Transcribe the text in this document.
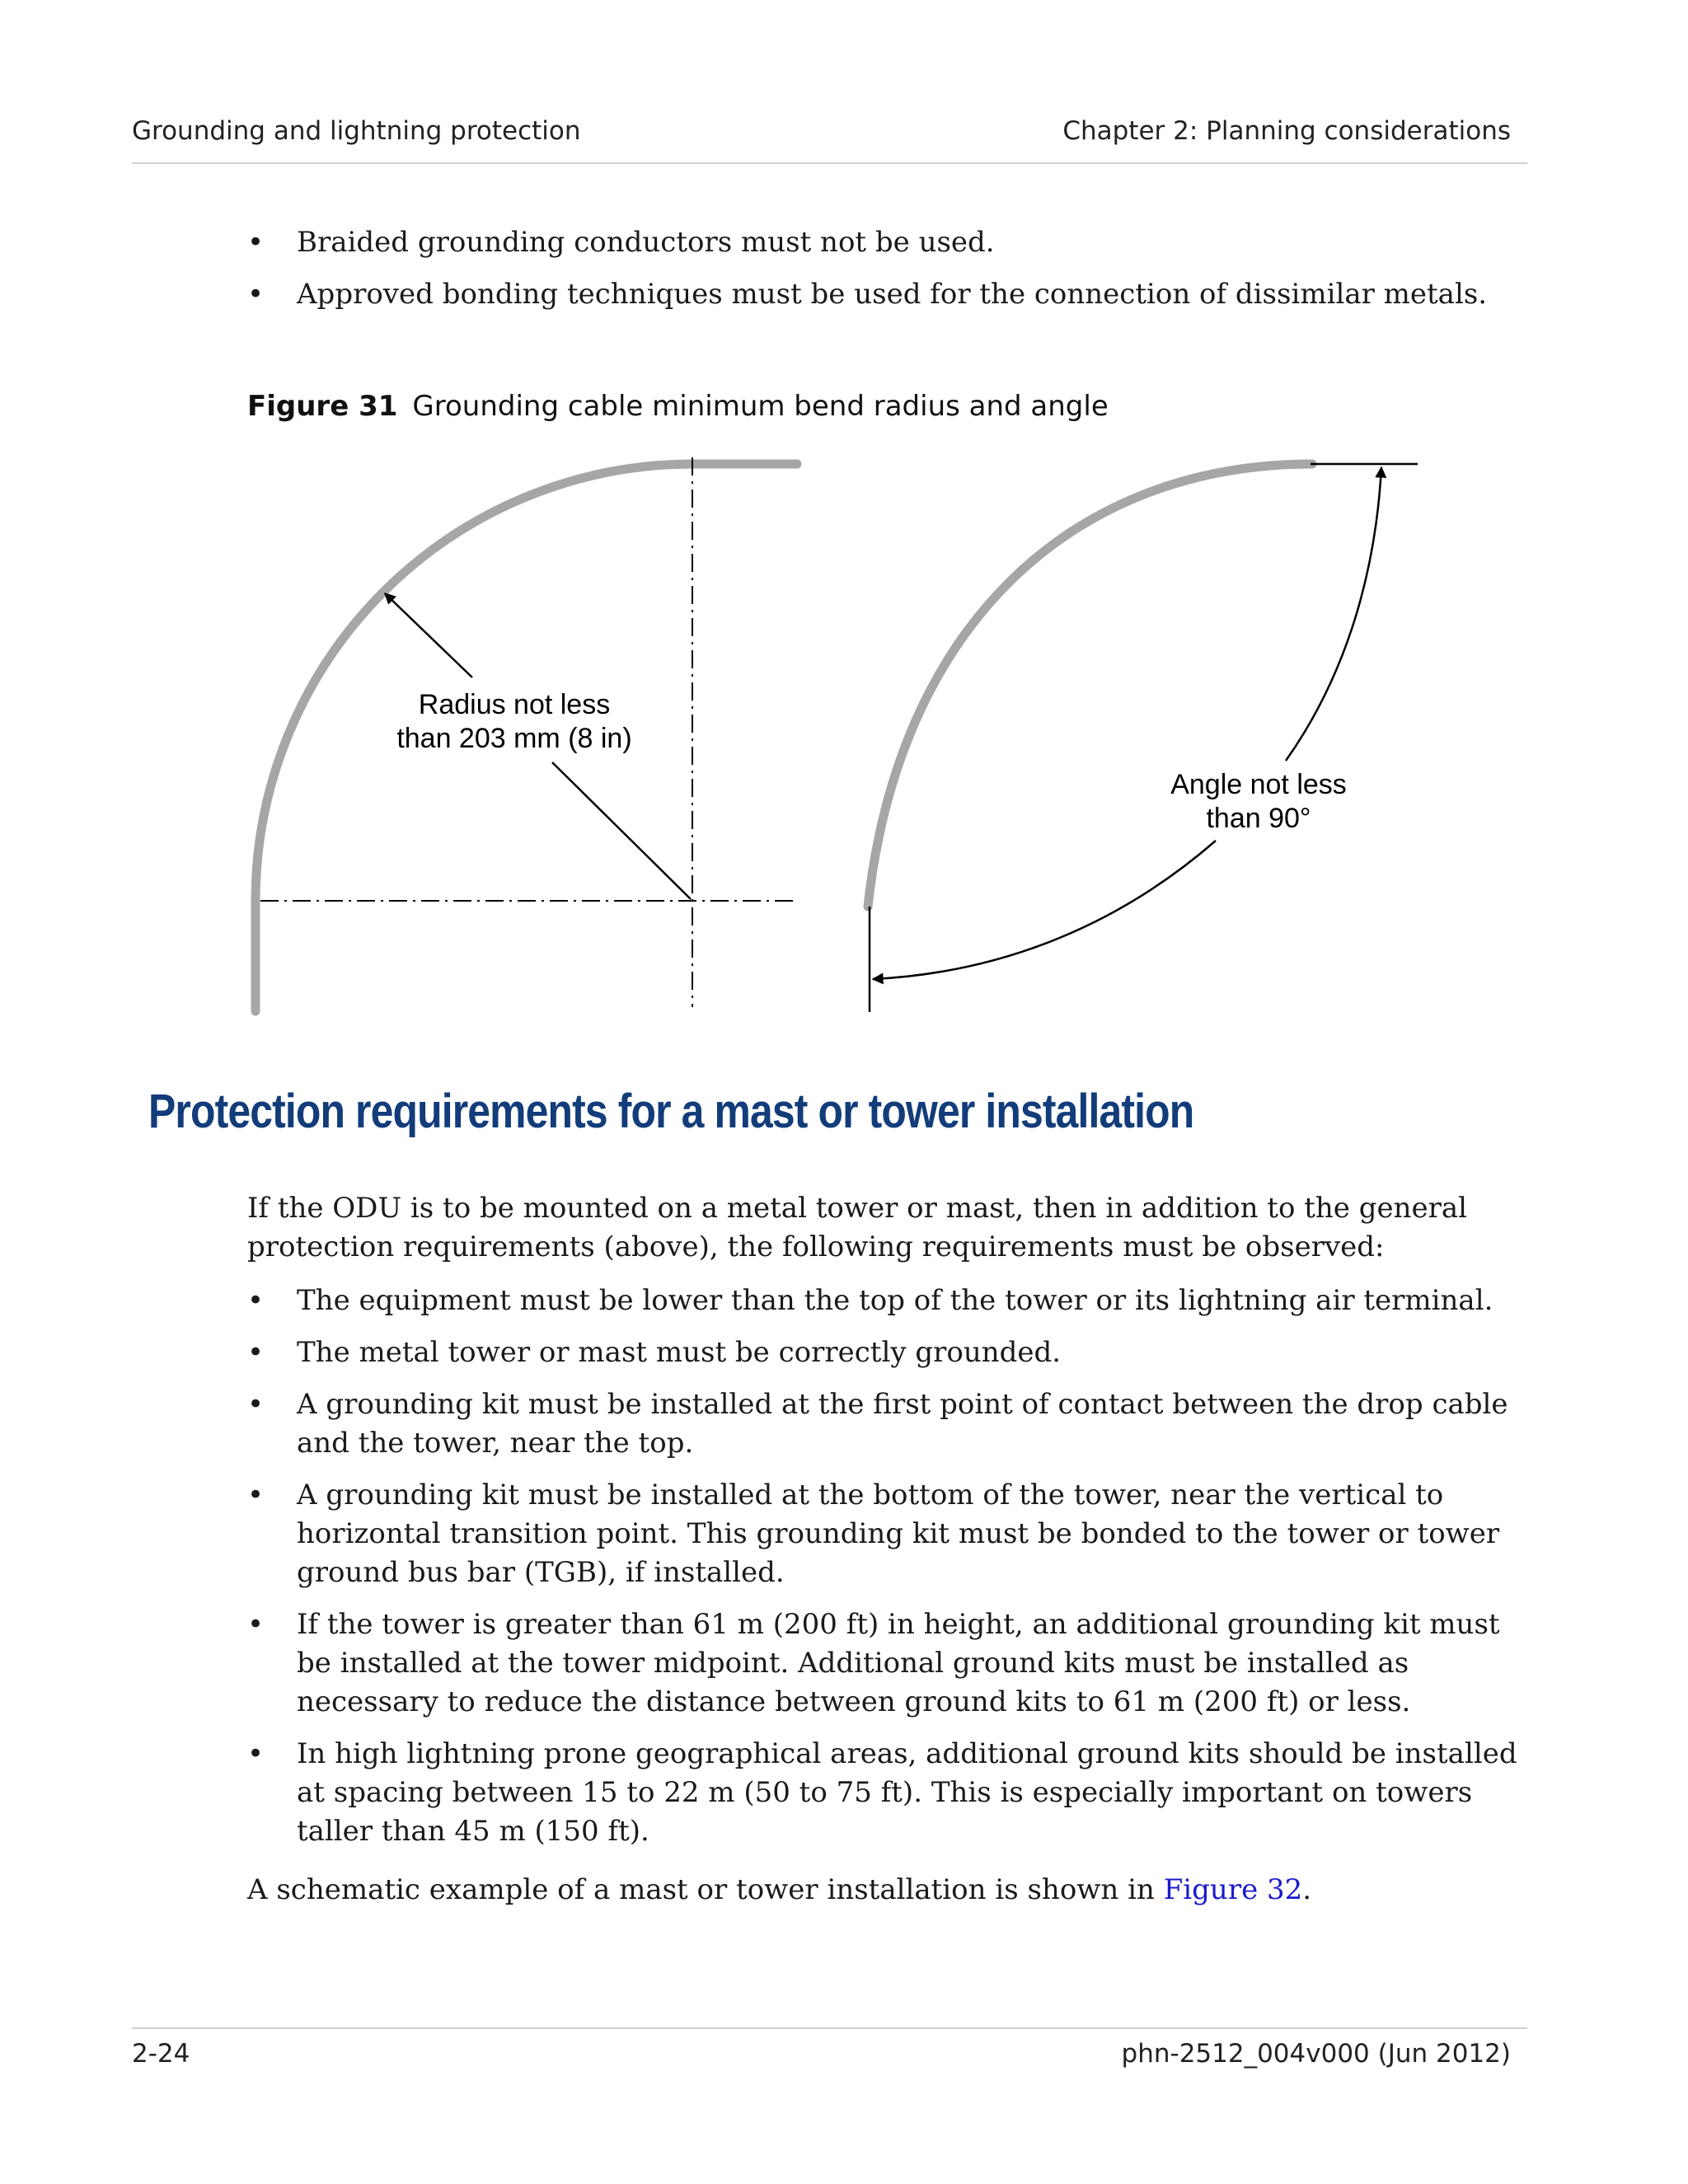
Grounding and lightning protection	Chapter 2: Planning considerations
• Braided grounding conductors must not be used.
• Approved bonding techniques must be used for the connection of dissimilar metals.
Figure 31 Grounding cable minimum bend radius and angle
Radius not less
than 203 mm (8 in)
Angle not less
than 90°
Protection requirements for a mast or tower installation
If the ODU is to be mounted on a metal tower or mast, then in addition to the general protection requirements (above), the following requirements must be observed:
• The equipment must be lower than the top of the tower or its lightning air terminal.
• The metal tower or mast must be correctly grounded.
• A grounding kit must be installed at the first point of contact between the drop cable and the tower, near the top.
• A grounding kit must be installed at the bottom of the tower, near the vertical to horizontal transition point. This grounding kit must be bonded to the tower or tower ground bus bar (TGB), if installed.
• If the tower is greater than 61 m (200 ft) in height, an additional grounding kit must be installed at the tower midpoint. Additional ground kits must be installed as necessary to reduce the distance between ground kits to 61 m (200 ft) or less.
• In high lightning prone geographical areas, additional ground kits should be installed at spacing between 15 to 22 m (50 to 75 ft). This is especially important on towers taller than 45 m (150 ft).
A schematic example of a mast or tower installation is shown in Figure 32.
2-24	phn-2512_004v000 (Jun 2012)
